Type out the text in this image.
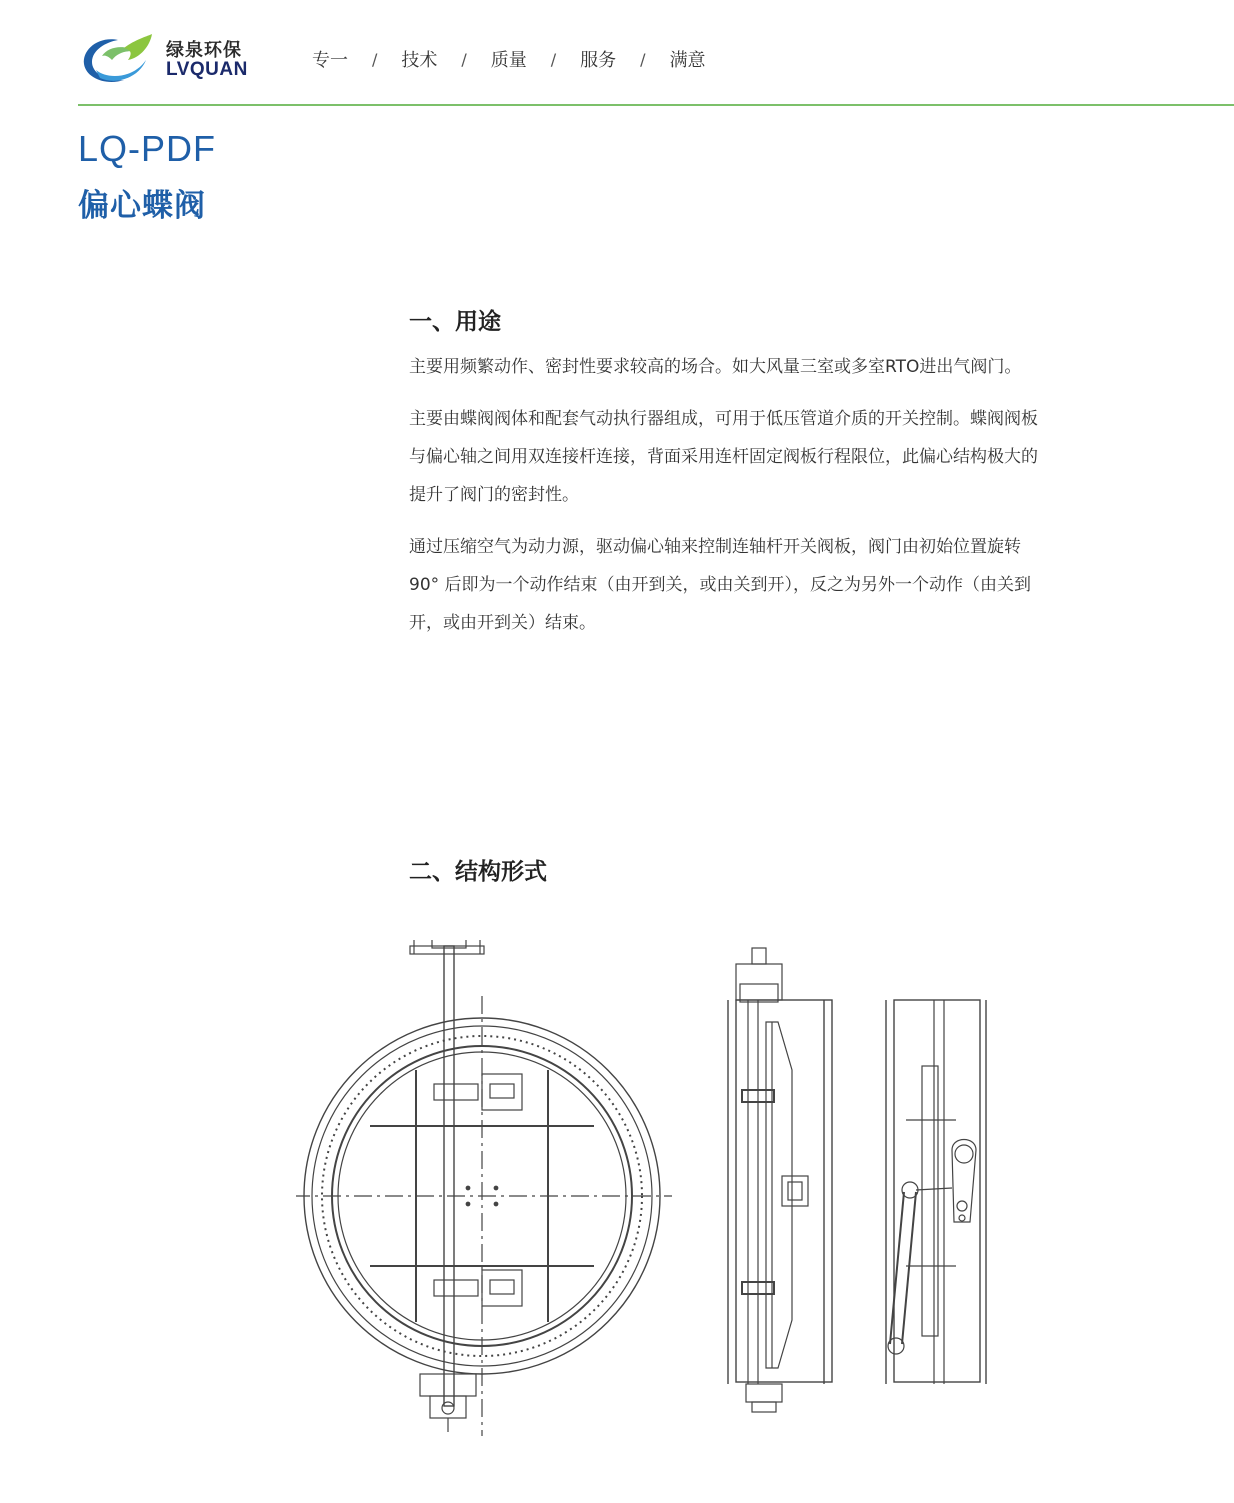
绿泉环保
LVQUAN	专一 / 技术 / 质量 / 服务 / 满意
LQ-PDF
偏心蝶阀
一、用途

主要用频繁动作、密封性要求较高的场合。如大风量三室或多室RTO进出气阀门。

主要由蝶阀阀体和配套气动执行器组成，可用于低压管道介质的开关控制。蝶阀阀板与偏心轴之间用双连接杆连接，背面采用连杆固定阀板行程限位，此偏心结构极大的提升了阀门的密封性。

通过压缩空气为动力源，驱动偏心轴来控制连轴杆开关阀板，阀门由初始位置旋转90° 后即为一个动作结束（由开到关，或由关到开），反之为另外一个动作（由关到开，或由开到关）结束。

二、结构形式
